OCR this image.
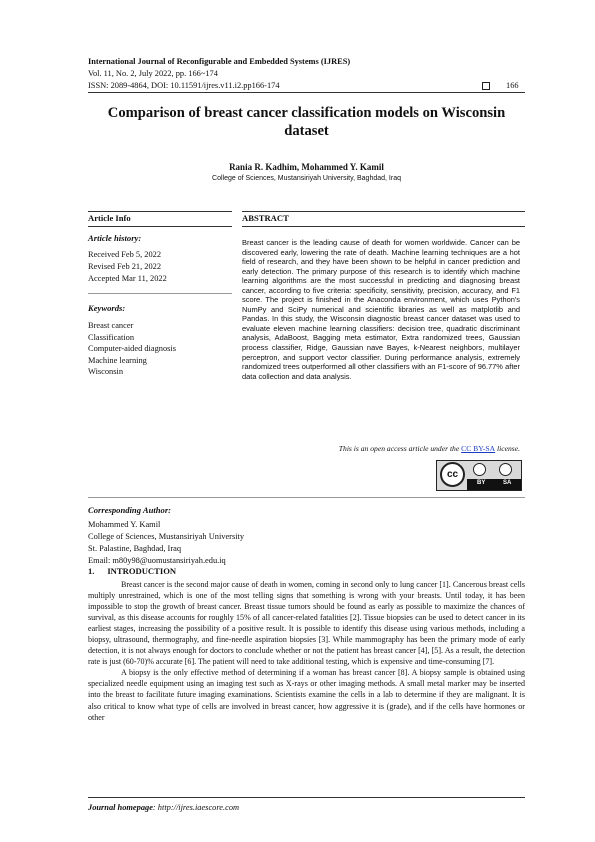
International Journal of Reconfigurable and Embedded Systems (IJRES)
Vol. 11, No. 2, July 2022, pp. 166~174
ISSN: 2089-4864, DOI: 10.11591/ijres.v11.i2.pp166-174	166
Comparison of breast cancer classification models on Wisconsin
dataset
Rania R. Kadhim, Mohammed Y. Kamil
College of Sciences, Mustansiriyah University, Baghdad, Iraq
Article Info
Article history:
Received Feb 5, 2022
Revised Feb 21, 2022
Accepted Mar 11, 2022
Keywords:
Breast cancer
Classification
Computer-aided diagnosis
Machine learning
Wisconsin
ABSTRACT
Breast cancer is the leading cause of death for women worldwide. Cancer can be discovered early, lowering the rate of death. Machine learning techniques are a hot field of research, and they have been shown to be helpful in cancer prediction and early detection. The primary purpose of this research is to identify which machine learning algorithms are the most successful in predicting and diagnosing breast cancer, according to five criteria: specificity, sensitivity, precision, accuracy, and F1 score. The project is finished in the Anaconda environment, which uses Python's NumPy and SciPy numerical and scientific libraries as well as matplotlib and Pandas. In this study, the Wisconsin diagnostic breast cancer dataset was used to evaluate eleven machine learning classifiers: decision tree, quadratic discriminant analysis, AdaBoost, Bagging meta estimator, Extra randomized trees, Gaussian process classifier, Ridge, Gaussian nave Bayes, k-Nearest neighbors, multilayer perceptron, and support vector classifier. During performance analysis, extremely randomized trees outperformed all other classifiers with an F1-score of 96.77% after data collection and data analysis.
This is an open access article under the CC BY-SA license.
cc
BY	SA
Corresponding Author:
Mohammed Y. Kamil
College of Sciences, Mustansiriyah University
St. Palastine, Baghdad, Iraq
Email: m80y98@uomustansiriyah.edu.iq
1.      INTRODUCTION

Breast cancer is the second major cause of death in women, coming in second only to lung cancer [1]. Cancerous breast cells multiply unrestrained, which is one of the most telling signs that something is wrong with your breasts. Until today, it has been impossible to stop the growth of breast cancer. Breast tissue tumors should be found as early as possible to maximize the chances of survival, as this disease accounts for roughly 15% of all cancer-related fatalities [2]. Tissue biopsies can be used to detect cancer in its earliest stages, increasing the possibility of a positive result. It is possible to identify this disease using various methods, including a biopsy, ultrasound, thermography, and fine-needle aspiration biopsies [3]. While mammography has been the primary mode of early detection, it is not always enough for doctors to conclude whether or not the patient has breast cancer [4], [5]. As a result, the detection rate is just (60-70)% accurate [6]. The patient will need to take additional testing, which is expensive and time-consuming [7].

A biopsy is the only effective method of determining if a woman has breast cancer [8]. A biopsy sample is obtained using specialized needle equipment using an imaging test such as X-rays or other imaging methods. A small metal marker may be inserted into the breast to facilitate future imaging examinations. Scientists examine the cells in a lab to determine if they are malignant. It is also critical to know what type of cells are involved in breast cancer, how aggressive it is (grade), and if the cells have hormones or other

Journal homepage: http://ijres.iaescore.com
